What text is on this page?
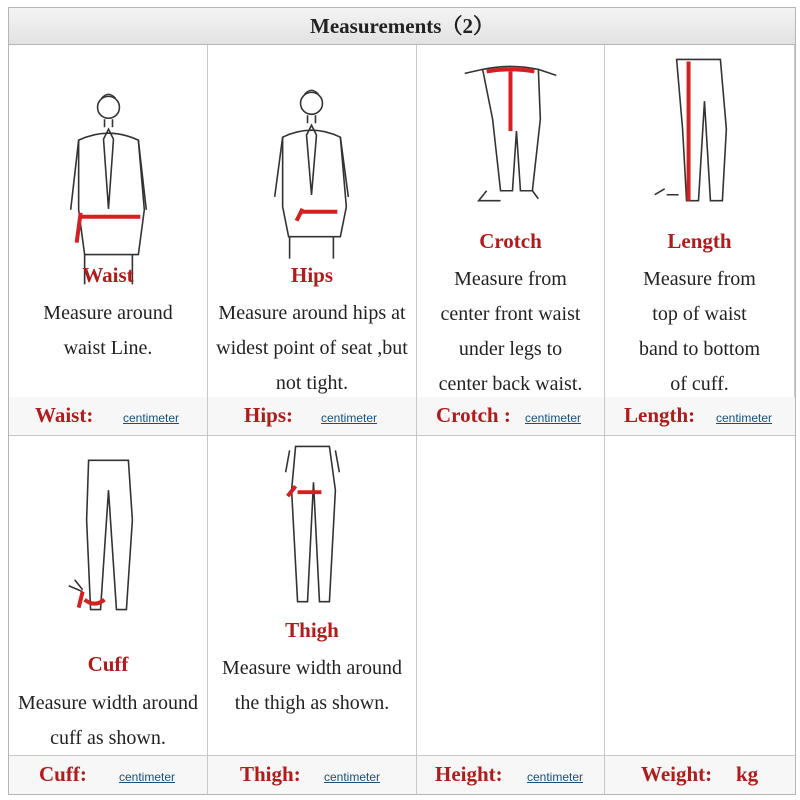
Measurements（2）
Waist
Measure around
waist Line.
Hips
Measure around hips at
widest point of seat ,but
not tight.
Crotch
Measure from
center front waist
under legs to
center back waist.
Length
Measure from
top of waist
band to bottom
of cuff.
Waist: centimeter	Hips: centimeter	Crotch : centimeter Length: centimeter
Cuff
Measure width around
cuff as shown.
Thigh
Measure width around
the thigh as shown.
Cuff:	centimeter	Thigh: centimeter	Height: centimeter	Weight: kg
